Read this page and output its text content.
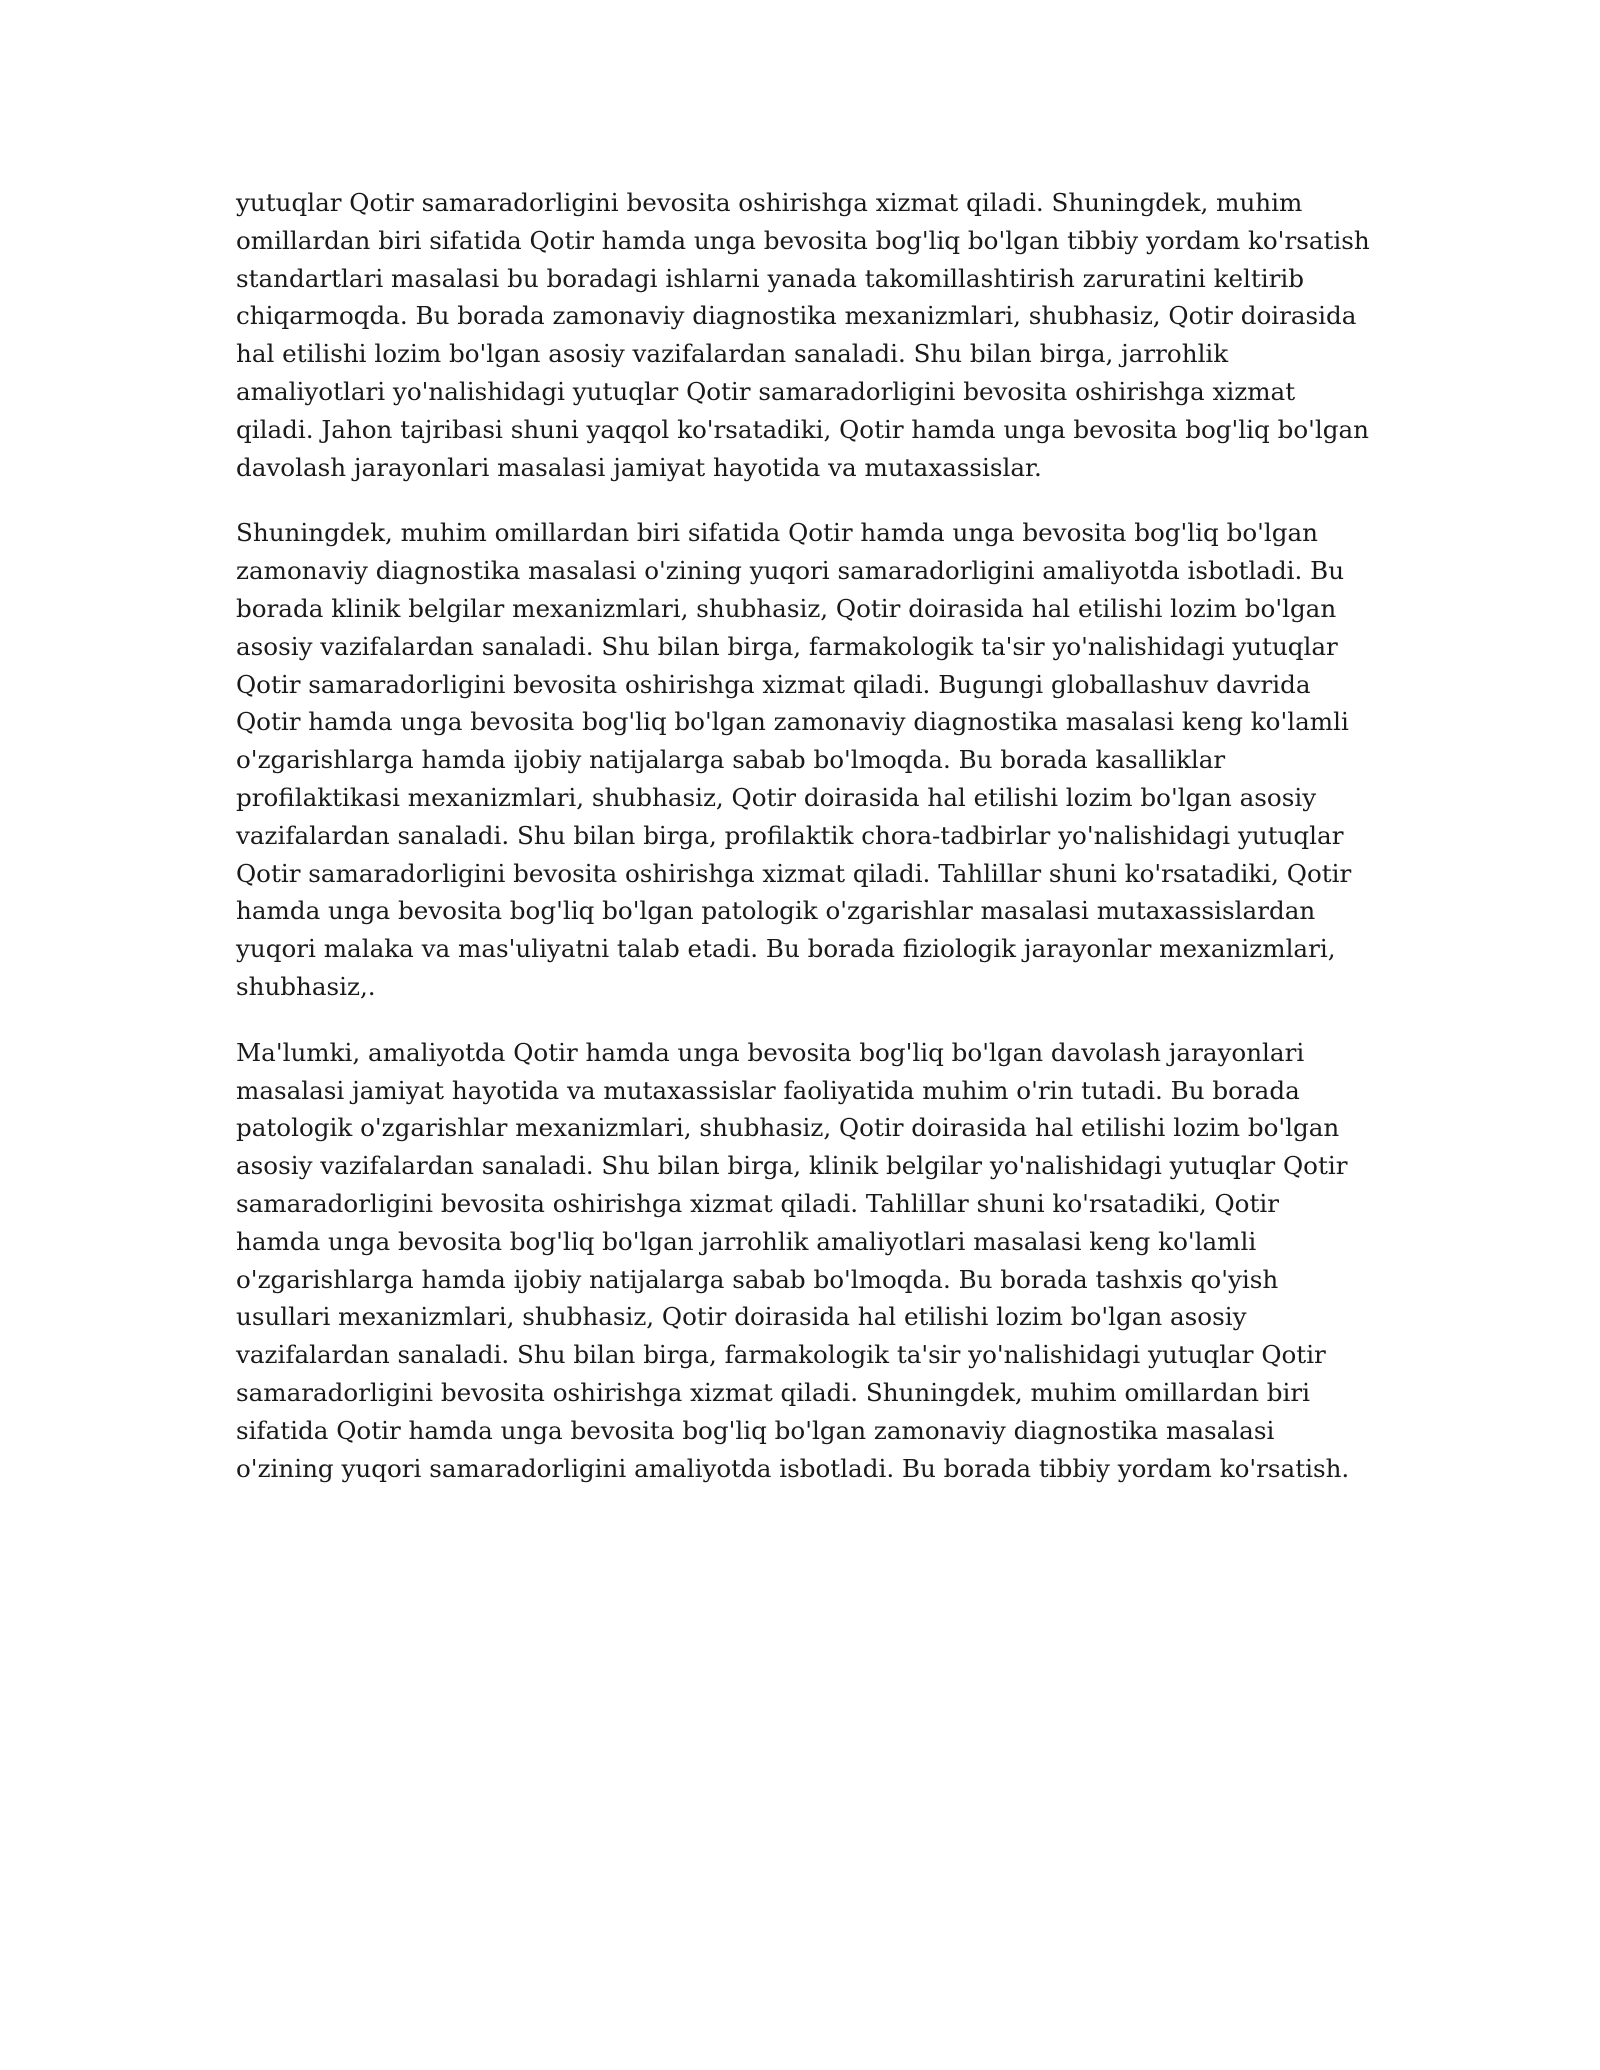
yutuqlar Qotir samaradorligini bevosita oshirishga xizmat qiladi. Shuningdek, muhim omillardan biri sifatida Qotir hamda unga bevosita bog'liq bo'lgan tibbiy yordam ko'rsatish standartlari masalasi bu boradagi ishlarni yanada takomillashtirish zaruratini keltirib chiqarmoqda. Bu borada zamonaviy diagnostika mexanizmlari, shubhasiz, Qotir doirasida hal etilishi lozim bo'lgan asosiy vazifalardan sanaladi. Shu bilan birga, jarrohlik amaliyotlari yo'nalishidagi yutuqlar Qotir samaradorligini bevosita oshirishga xizmat qiladi. Jahon tajribasi shuni yaqqol ko'rsatadiki, Qotir hamda unga bevosita bog'liq bo'lgan davolash jarayonlari masalasi jamiyat hayotida va mutaxassislar.

Shuningdek, muhim omillardan biri sifatida Qotir hamda unga bevosita bog'liq bo'lgan zamonaviy diagnostika masalasi o'zining yuqori samaradorligini amaliyotda isbotladi. Bu borada klinik belgilar mexanizmlari, shubhasiz, Qotir doirasida hal etilishi lozim bo'lgan asosiy vazifalardan sanaladi. Shu bilan birga, farmakologik ta'sir yo'nalishidagi yutuqlar Qotir samaradorligini bevosita oshirishga xizmat qiladi. Bugungi globallashuv davrida Qotir hamda unga bevosita bog'liq bo'lgan zamonaviy diagnostika masalasi keng ko'lamli o'zgarishlarga hamda ijobiy natijalarga sabab bo'lmoqda. Bu borada kasalliklar profilaktikasi mexanizmlari, shubhasiz, Qotir doirasida hal etilishi lozim bo'lgan asosiy vazifalardan sanaladi. Shu bilan birga, profilaktik chora-tadbirlar yo'nalishidagi yutuqlar Qotir samaradorligini bevosita oshirishga xizmat qiladi. Tahlillar shuni ko'rsatadiki, Qotir hamda unga bevosita bog'liq bo'lgan patologik o'zgarishlar masalasi mutaxassislardan yuqori malaka va mas'uliyatni talab etadi. Bu borada fiziologik jarayonlar mexanizmlari, shubhasiz,.

Ma'lumki, amaliyotda Qotir hamda unga bevosita bog'liq bo'lgan davolash jarayonlari masalasi jamiyat hayotida va mutaxassislar faoliyatida muhim o'rin tutadi. Bu borada patologik o'zgarishlar mexanizmlari, shubhasiz, Qotir doirasida hal etilishi lozim bo'lgan asosiy vazifalardan sanaladi. Shu bilan birga, klinik belgilar yo'nalishidagi yutuqlar Qotir samaradorligini bevosita oshirishga xizmat qiladi. Tahlillar shuni ko'rsatadiki, Qotir hamda unga bevosita bog'liq bo'lgan jarrohlik amaliyotlari masalasi keng ko'lamli o'zgarishlarga hamda ijobiy natijalarga sabab bo'lmoqda. Bu borada tashxis qo'yish usullari mexanizmlari, shubhasiz, Qotir doirasida hal etilishi lozim bo'lgan asosiy vazifalardan sanaladi. Shu bilan birga, farmakologik ta'sir yo'nalishidagi yutuqlar Qotir samaradorligini bevosita oshirishga xizmat qiladi. Shuningdek, muhim omillardan biri sifatida Qotir hamda unga bevosita bog'liq bo'lgan zamonaviy diagnostika masalasi o'zining yuqori samaradorligini amaliyotda isbotladi. Bu borada tibbiy yordam ko'rsatish.
